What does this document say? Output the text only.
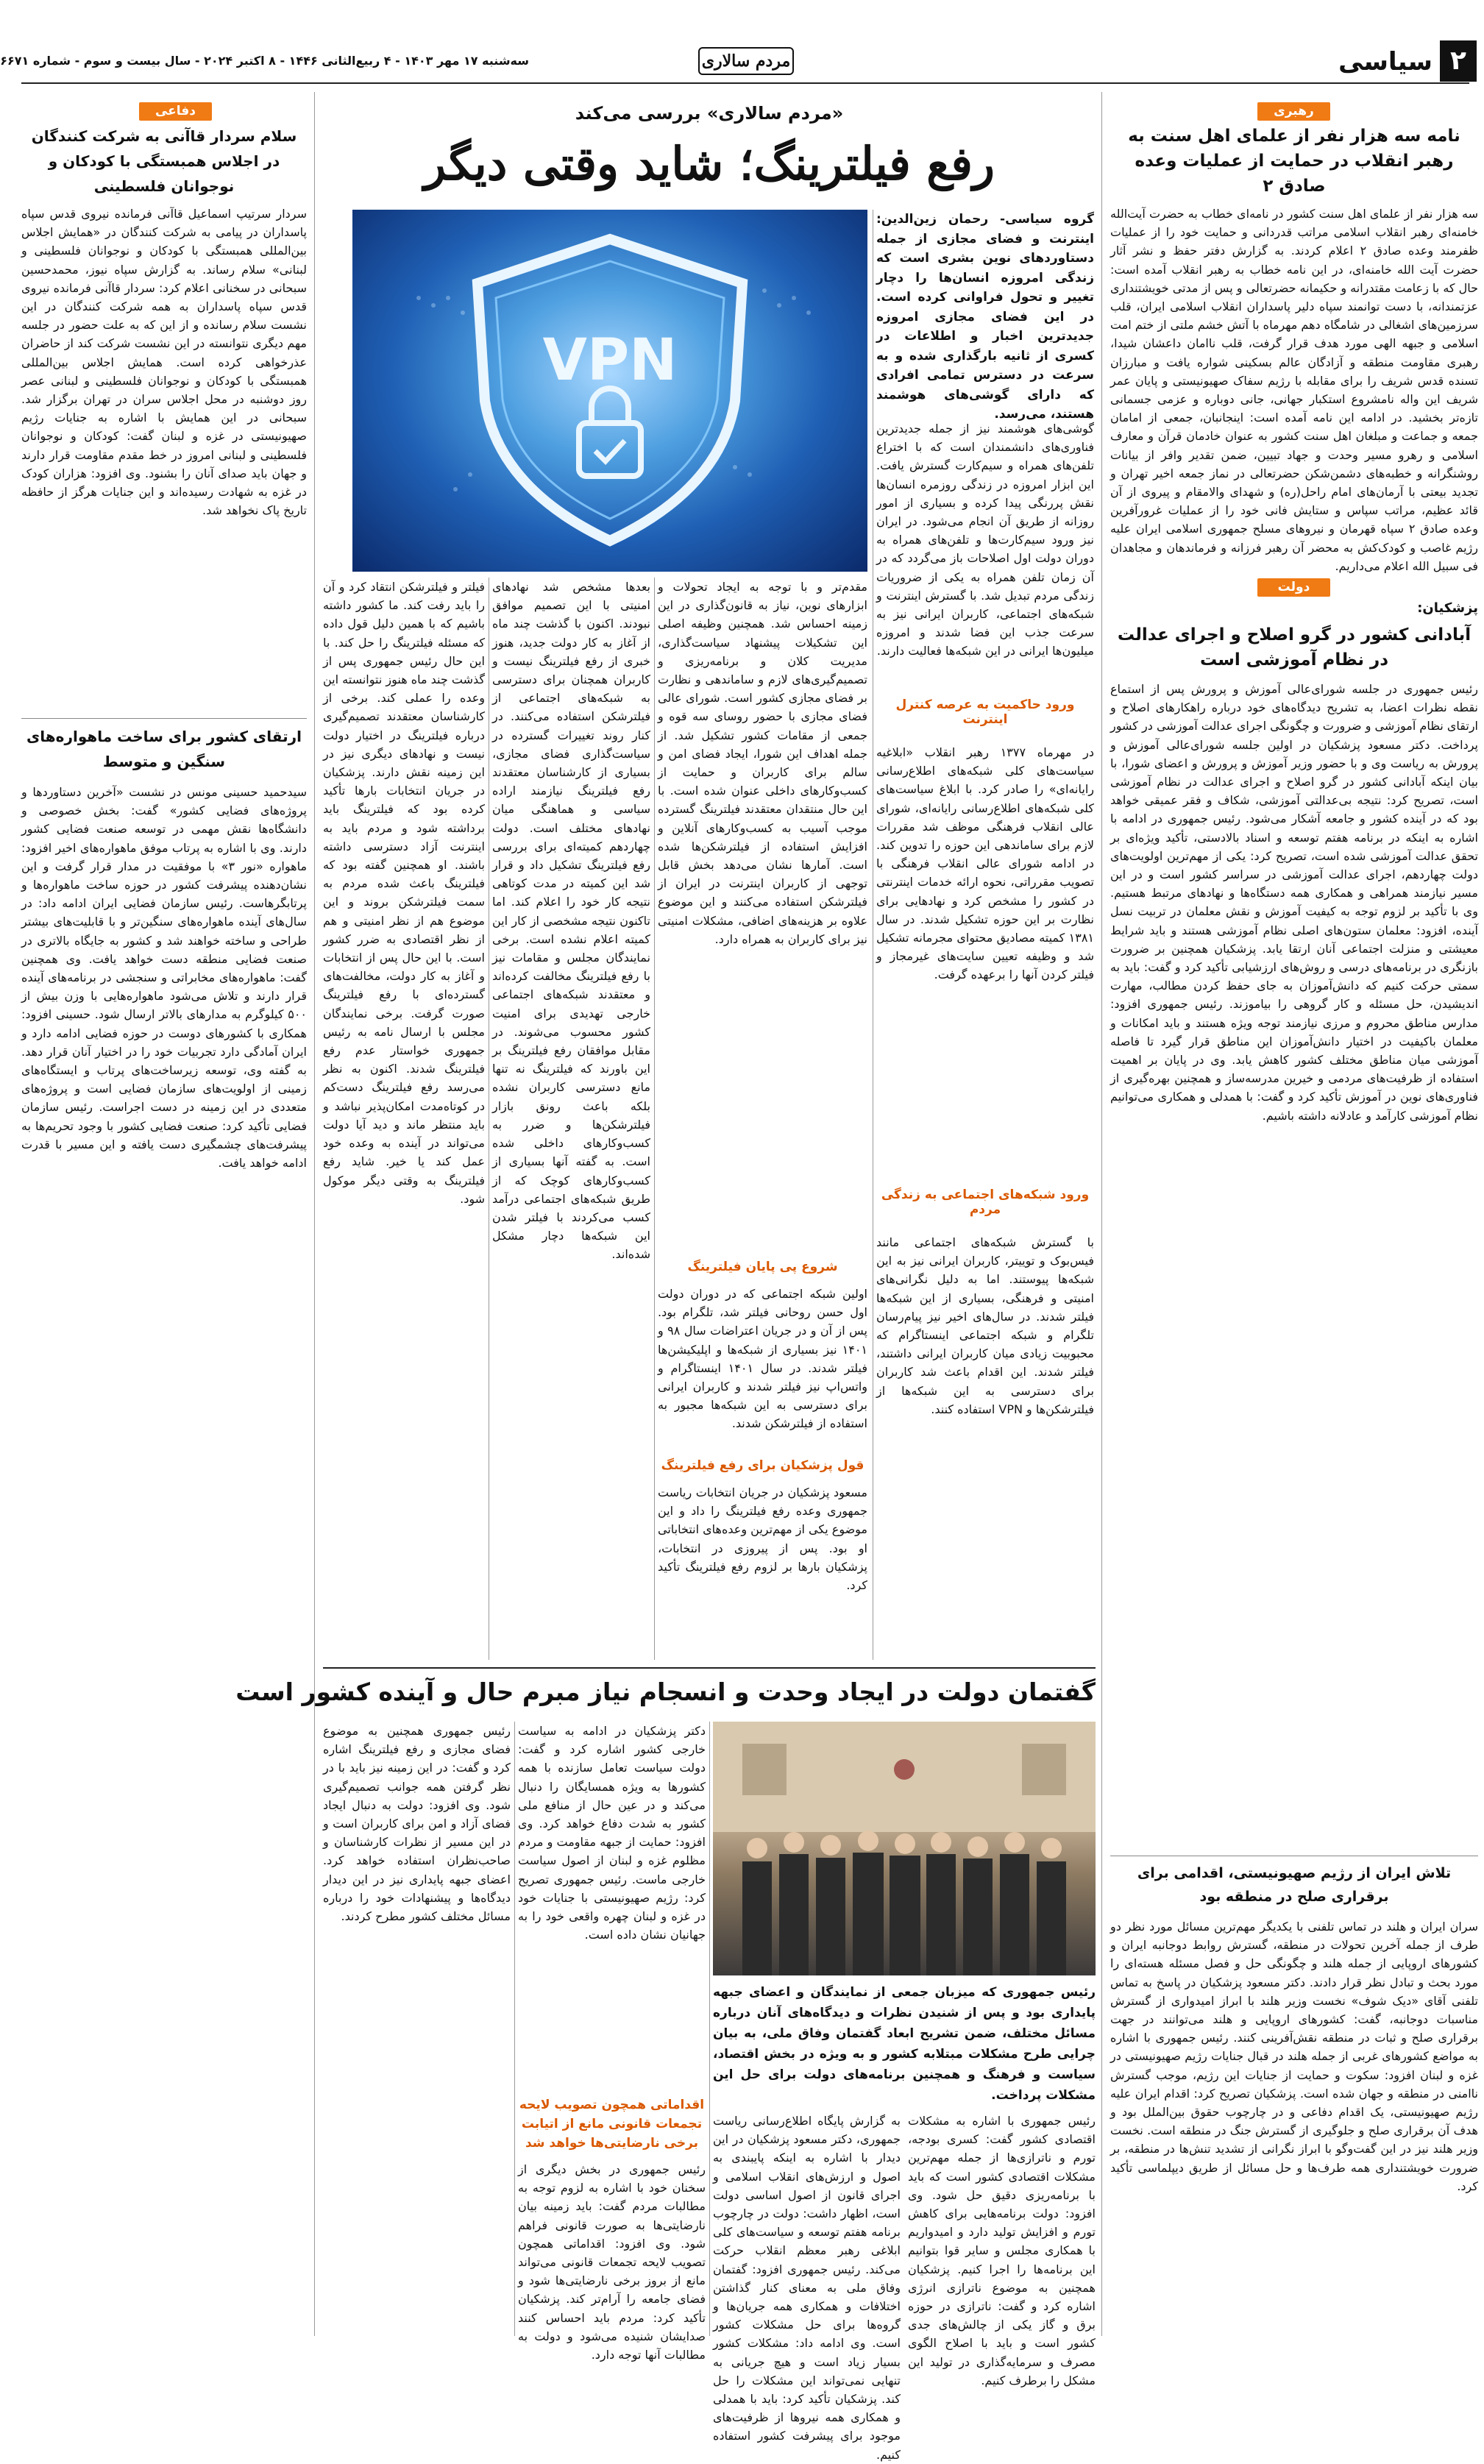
۲
سیاسی
مردم سالاری
سه‌شنبه ۱۷ مهر ۱۴۰۳ - ۴ ربیع‌الثانی ۱۴۴۶ - ۸ اکتبر ۲۰۲۴ - سال بیست و سوم - شماره ۶۶۷۱
رهبری
نامه سه هزار نفر از علمای اهل سنت به رهبر انقلاب در حمایت از عملیات وعده صادق ۲
سه هزار نفر از علمای اهل سنت کشور در نامه‌ای خطاب به حضرت آیت‌الله خامنه‌ای رهبر انقلاب اسلامی مراتب قدردانی و حمایت خود را از عملیات ظفرمند وعده صادق ۲ اعلام کردند. به گزارش دفتر حفظ و نشر آثار حضرت آیت الله خامنه‌ای، در این نامه خطاب به رهبر انقلاب آمده است: حال که با زعامت مقتدرانه و حکیمانه حضرتعالی و پس از مدتی خویشتنداری عزتمندانه، با دست توانمند سپاه دلیر پاسداران انقلاب اسلامی ایران، قلب سرزمین‌های اشغالی در شامگاه دهم مهرماه با آتش خشم ملتی از ختم امت اسلامی و جبهه الهی مورد هدف قرار گرفت، قلب ناامان داعشان شیدا، رهبری مقاومت منطقه و آزادگان عالم بسکینی شواره یافت و مبارزان تسنده قدس شریف را برای مقابله با رژیم سفاک صهیونیستی و پایان عمر شریف این واله نامشروع استکبار جهانی، جانی دوباره و عزمی جسمانی تازه‌تر بخشید. در ادامه این نامه آمده است: اینجانبان، جمعی از امامان جمعه و جماعت و مبلغان اهل سنت کشور به عنوان خادمان قرآن و معارف اسلامی و رهرو مسیر وحدت و جهاد تبیین، ضمن تقدیر وافر از بیانات روشنگرانه و خطبه‌های دشمن‌شکن حضرتعالی در نماز جمعه اخیر تهران و تجدید بیعتی با آرمان‌های امام راحل(ره) و شهدای والامقام و پیروی از آن قائد عظیم، مراتب سپاس و ستایش فانی خود را از عملیات غرورآفرین وعده صادق ۲ سپاه قهرمان و نیروهای مسلح جمهوری اسلامی ایران علیه رژیم غاصب و کودک‌کش به محضر آن رهبر فرزانه و فرماندهان و مجاهدان فی سبیل الله اعلام می‌داریم.
دولت
پزشکیان:
آبادانی کشور در گرو اصلاح و اجرای عدالت در نظام آموزشی است
رئیس جمهوری در جلسه شورای‌عالی آموزش و پرورش پس از استماع نقطه نظرات اعضا، به تشریح دیدگاه‌های خود درباره راهکارهای اصلاح و ارتقای نظام آموزشی و ضرورت و چگونگی اجرای عدالت آموزشی در کشور پرداخت. دکتر مسعود پزشکیان در اولین جلسه شورای‌عالی آموزش و پرورش به ریاست وی و با حضور وزیر آموزش و پرورش و اعضای شورا، با بیان اینکه آبادانی کشور در گرو اصلاح و اجرای عدالت در نظام آموزشی است، تصریح کرد: نتیجه بی‌عدالتی آموزشی، شکاف و فقر عمیقی خواهد بود که در آینده کشور و جامعه آشکار می‌شود. رئیس جمهوری در ادامه با اشاره به اینکه در برنامه هفتم توسعه و اسناد بالادستی، تأکید ویژه‌ای بر تحقق عدالت آموزشی شده است، تصریح کرد: یکی از مهم‌ترین اولویت‌های دولت چهاردهم، اجرای عدالت آموزشی در سراسر کشور است و در این مسیر نیازمند همراهی و همکاری همه دستگاه‌ها و نهادهای مرتبط هستیم. وی با تأکید بر لزوم توجه به کیفیت آموزش و نقش معلمان در تربیت نسل آینده، افزود: معلمان ستون‌های اصلی نظام آموزشی هستند و باید شرایط معیشتی و منزلت اجتماعی آنان ارتقا یابد. پزشکیان همچنین بر ضرورت بازنگری در برنامه‌های درسی و روش‌های ارزشیابی تأکید کرد و گفت: باید به سمتی حرکت کنیم که دانش‌آموزان به جای حفظ کردن مطالب، مهارت اندیشیدن، حل مسئله و کار گروهی را بیاموزند. رئیس جمهوری افزود: مدارس مناطق محروم و مرزی نیازمند توجه ویژه هستند و باید امکانات و معلمان باکیفیت در اختیار دانش‌آموزان این مناطق قرار گیرد تا فاصله آموزشی میان مناطق مختلف کشور کاهش یابد. وی در پایان بر اهمیت استفاده از ظرفیت‌های مردمی و خیرین مدرسه‌ساز و همچنین بهره‌گیری از فناوری‌های نوین در آموزش تأکید کرد و گفت: با همدلی و همکاری می‌توانیم نظام آموزشی کارآمد و عادلانه داشته باشیم.
تلاش ایران از رژیم صهیونیستی، اقدامی برای برقراری صلح در منطقه بود
سران ایران و هلند در تماس تلفنی با یکدیگر مهم‌ترین مسائل مورد نظر دو طرف از جمله آخرین تحولات در منطقه، گسترش روابط دوجانبه ایران و کشورهای اروپایی از جمله هلند و چگونگی حل و فصل مسئله هسته‌ای را مورد بحث و تبادل نظر قرار دادند. دکتر مسعود پزشکیان در پاسخ به تماس تلفنی آقای «دیک شوف» نخست وزیر هلند با ابراز امیدواری از گسترش مناسبات دوجانبه، گفت: کشورهای اروپایی و هلند می‌توانند در جهت برقراری صلح و ثبات در منطقه نقش‌آفرینی کنند. رئیس جمهوری با اشاره به مواضع کشورهای غربی از جمله هلند در قبال جنایات رژیم صهیونیستی در غزه و لبنان افزود: سکوت و حمایت از جنایات این رژیم، موجب گسترش ناامنی در منطقه و جهان شده است. پزشکیان تصریح کرد: اقدام ایران علیه رژیم صهیونیستی، یک اقدام دفاعی و در چارچوب حقوق بین‌الملل بود و هدف آن برقراری صلح و جلوگیری از گسترش جنگ در منطقه است. نخست وزیر هلند نیز در این گفت‌وگو با ابراز نگرانی از تشدید تنش‌ها در منطقه، بر ضرورت خویشتنداری همه طرف‌ها و حل مسائل از طریق دیپلماسی تأکید کرد.
دفاعی
سلام سردار قاآنی به شرکت کنندگان در اجلاس همبستگی با کودکان و نوجوانان فلسطینی
سردار سرتیپ اسماعیل قاآنی فرمانده نیروی قدس سپاه پاسداران در پیامی به شرکت کنندگان در «همایش اجلاس بین‌المللی همبستگی با کودکان و نوجوانان فلسطینی و لبنانی» سلام رساند. به گزارش سپاه نیوز، محمدحسین سبحانی در سخنانی اعلام کرد: سردار قاآنی فرمانده نیروی قدس سپاه پاسداران به همه شرکت کنندگان در این نشست سلام رسانده و از این که به علت حضور در جلسه مهم دیگری نتوانسته در این نشست شرکت کند از حاضران عذرخواهی کرده است. همایش اجلاس بین‌المللی همبستگی با کودکان و نوجوانان فلسطینی و لبنانی عصر روز دوشنبه در محل اجلاس سران در تهران برگزار شد. سبحانی در این همایش با اشاره به جنایات رژیم صهیونیستی در غزه و لبنان گفت: کودکان و نوجوانان فلسطینی و لبنانی امروز در خط مقدم مقاومت قرار دارند و جهان باید صدای آنان را بشنود. وی افزود: هزاران کودک در غزه به شهادت رسیده‌اند و این جنایات هرگز از حافظه تاریخ پاک نخواهد شد.
ارتقای کشور برای ساخت ماهواره‌های سنگین و متوسط
سیدحمید حسینی مونس در نشست «آخرین دستاوردها و پروژه‌های فضایی کشور» گفت: بخش خصوصی و دانشگاه‌ها نقش مهمی در توسعه صنعت فضایی کشور دارند. وی با اشاره به پرتاب موفق ماهواره‌های اخیر افزود: ماهواره «نور ۳» با موفقیت در مدار قرار گرفت و این نشان‌دهنده پیشرفت کشور در حوزه ساخت ماهواره‌ها و پرتابگرهاست. رئیس سازمان فضایی ایران ادامه داد: در سال‌های آینده ماهواره‌های سنگین‌تر و با قابلیت‌های بیشتر طراحی و ساخته خواهند شد و کشور به جایگاه بالاتری در صنعت فضایی منطقه دست خواهد یافت. وی همچنین گفت: ماهواره‌های مخابراتی و سنجشی در برنامه‌های آینده قرار دارند و تلاش می‌شود ماهواره‌هایی با وزن بیش از ۵۰۰ کیلوگرم به مدارهای بالاتر ارسال شود. حسینی افزود: همکاری با کشورهای دوست در حوزه فضایی ادامه دارد و ایران آمادگی دارد تجربیات خود را در اختیار آنان قرار دهد. به گفته وی، توسعه زیرساخت‌های پرتاب و ایستگاه‌های زمینی از اولویت‌های سازمان فضایی است و پروژه‌های متعددی در این زمینه در دست اجراست. رئیس سازمان فضایی تأکید کرد: صنعت فضایی کشور با وجود تحریم‌ها به پیشرفت‌های چشمگیری دست یافته و این مسیر با قدرت ادامه خواهد یافت.
«مردم سالاری» بررسی می‌کند
رفع فیلترینگ؛ شاید وقتی دیگر
VPN
گروه سیاسی- رحمان زین‌الدین: اینترنت و فضای مجازی از جمله دستاوردهای نوین بشری است که زندگی امروزه انسان‌ها را دچار تغییر و تحول فراوانی کرده است. در این فضای مجازی امروزه جدیدترین اخبار و اطلاعات در کسری از ثانیه بارگذاری شده و به سرعت در دسترس تمامی افرادی که دارای گوشی‌های هوشمند هستند، می‌رسد.
گوشی‌های هوشمند نیز از جمله جدیدترین فناوری‌های دانشمندان است که با اختراع تلفن‌های همراه و سیم‌کارت گسترش یافت. این ابزار امروزه در زندگی روزمره انسان‌ها نقش پررنگی پیدا کرده و بسیاری از امور روزانه از طریق آن انجام می‌شود. در ایران نیز ورود سیم‌کارت‌ها و تلفن‌های همراه به دوران دولت اول اصلاحات باز می‌گردد که در آن زمان تلفن همراه به یکی از ضروریات زندگی مردم تبدیل شد. با گسترش اینترنت و شبکه‌های اجتماعی، کاربران ایرانی نیز به سرعت جذب این فضا شدند و امروزه میلیون‌ها ایرانی در این شبکه‌ها فعالیت دارند.
ورود حاکمیت به عرصه کنترل اینترنت
در مهرماه ۱۳۷۷ رهبر انقلاب «ابلاغیه سیاست‌های کلی شبکه‌های اطلاع‌رسانی رایانه‌ای» را صادر کرد. با ابلاغ سیاست‌های کلی شبکه‌های اطلاع‌رسانی رایانه‌ای، شورای عالی انقلاب فرهنگی موظف شد مقررات لازم برای ساماندهی این حوزه را تدوین کند. در ادامه شورای عالی انقلاب فرهنگی با تصویب مقرراتی، نحوه ارائه خدمات اینترنتی در کشور را مشخص کرد و نهادهایی برای نظارت بر این حوزه تشکیل شدند. در سال ۱۳۸۱ کمیته مصادیق محتوای مجرمانه تشکیل شد و وظیفه تعیین سایت‌های غیرمجاز و فیلتر کردن آنها را برعهده گرفت.
ورود شبکه‌های اجتماعی به زندگی مردم
با گسترش شبکه‌های اجتماعی مانند فیس‌بوک و توییتر، کاربران ایرانی نیز به این شبکه‌ها پیوستند. اما به دلیل نگرانی‌های امنیتی و فرهنگی، بسیاری از این شبکه‌ها فیلتر شدند. در سال‌های اخیر نیز پیام‌رسان تلگرام و شبکه اجتماعی اینستاگرام که محبوبیت زیادی میان کاربران ایرانی داشتند، فیلتر شدند. این اقدام باعث شد کاربران برای دسترسی به این شبکه‌ها از فیلترشکن‌ها و VPN استفاده کنند.
مقدم‌تر و با توجه به ایجاد تحولات و ابزارهای نوین، نیاز به قانون‌گذاری در این زمینه احساس شد. همچنین وظیفه اصلی این تشکیلات پیشنهاد سیاست‌گذاری، مدیریت کلان و برنامه‌ریزی و تصمیم‌گیری‌های لازم و ساماندهی و نظارت بر فضای مجازی کشور است. شورای عالی فضای مجازی با حضور روسای سه قوه و جمعی از مقامات کشور تشکیل شد. از جمله اهداف این شورا، ایجاد فضای امن و سالم برای کاربران و حمایت از کسب‌وکارهای داخلی عنوان شده است. با این حال منتقدان معتقدند فیلترینگ گسترده موجب آسیب به کسب‌وکارهای آنلاین و افزایش استفاده از فیلترشکن‌ها شده است. آمارها نشان می‌دهد بخش قابل توجهی از کاربران اینترنت در ایران از فیلترشکن استفاده می‌کنند و این موضوع علاوه بر هزینه‌های اضافی، مشکلات امنیتی نیز برای کاربران به همراه دارد.
شروع پی پایان فیلترینگ
اولین شبکه اجتماعی که در دوران دولت اول حسن روحانی فیلتر شد، تلگرام بود. پس از آن و در جریان اعتراضات سال ۹۸ و ۱۴۰۱ نیز بسیاری از شبکه‌ها و اپلیکیشن‌ها فیلتر شدند. در سال ۱۴۰۱ اینستاگرام و واتس‌اپ نیز فیلتر شدند و کاربران ایرانی برای دسترسی به این شبکه‌ها مجبور به استفاده از فیلترشکن شدند.
قول پزشکیان برای رفع فیلترینگ
مسعود پزشکیان در جریان انتخابات ریاست جمهوری وعده رفع فیلترینگ را داد و این موضوع یکی از مهم‌ترین وعده‌های انتخاباتی او بود. پس از پیروزی در انتخابات، پزشکیان بارها بر لزوم رفع فیلترینگ تأکید کرد.
بعدها مشخص شد نهادهای امنیتی با این تصمیم موافق نبودند. اکنون با گذشت چند ماه از آغاز به کار دولت جدید، هنوز خبری از رفع فیلترینگ نیست و کاربران همچنان برای دسترسی به شبکه‌های اجتماعی از فیلترشکن استفاده می‌کنند. در کنار روند تغییرات گسترده در سیاست‌گذاری فضای مجازی، بسیاری از کارشناسان معتقدند رفع فیلترینگ نیازمند اراده سیاسی و هماهنگی میان نهادهای مختلف است. دولت چهاردهم کمیته‌ای برای بررسی رفع فیلترینگ تشکیل داد و قرار شد این کمیته در مدت کوتاهی نتیجه کار خود را اعلام کند. اما تاکنون نتیجه مشخصی از کار این کمیته اعلام نشده است. برخی نمایندگان مجلس و مقامات نیز با رفع فیلترینگ مخالفت کرده‌اند و معتقدند شبکه‌های اجتماعی خارجی تهدیدی برای امنیت کشور محسوب می‌شوند. در مقابل موافقان رفع فیلترینگ بر این باورند که فیلترینگ نه تنها مانع دسترسی کاربران نشده بلکه باعث رونق بازار فیلترشکن‌ها و ضرر به کسب‌وکارهای داخلی شده است. به گفته آنها بسیاری از کسب‌وکارهای کوچک که از طریق شبکه‌های اجتماعی درآمد کسب می‌کردند با فیلتر شدن این شبکه‌ها دچار مشکل شده‌اند.
فیلتر و فیلترشکن انتقاد کرد و آن را باید رفت کند. ما کشور داشته باشیم که با همین دلیل قول داده که مسئله فیلترینگ را حل کند. با این حال رئیس جمهوری پس از گذشت چند ماه هنوز نتوانسته این وعده را عملی کند. برخی از کارشناسان معتقدند تصمیم‌گیری درباره فیلترینگ در اختیار دولت نیست و نهادهای دیگری نیز در این زمینه نقش دارند. پزشکیان در جریان انتخابات بارها تأکید کرده بود که فیلترینگ باید برداشته شود و مردم باید به اینترنت آزاد دسترسی داشته باشند. او همچنین گفته بود که فیلترینگ باعث شده مردم به سمت فیلترشکن بروند و این موضوع هم از نظر امنیتی و هم از نظر اقتصادی به ضرر کشور است. با این حال پس از انتخابات و آغاز به کار دولت، مخالفت‌های گسترده‌ای با رفع فیلترینگ صورت گرفت. برخی نمایندگان مجلس با ارسال نامه به رئیس جمهوری خواستار عدم رفع فیلترینگ شدند. اکنون به نظر می‌رسد رفع فیلترینگ دست‌کم در کوتاه‌مدت امکان‌پذیر نباشد و باید منتظر ماند و دید آیا دولت می‌تواند در آینده به وعده خود عمل کند یا خیر. شاید رفع فیلترینگ به وقتی دیگر موکول شود.
گفتمان دولت در ایجاد وحدت و انسجام نیاز مبرم حال و آینده کشور است
رئیس جمهوری که میزبان جمعی از نمایندگان و اعضای جبهه پایداری بود و پس از شنیدن نظرات و دیدگاه‌های آنان درباره مسائل مختلف، ضمن تشریح ابعاد گفتمان وفاق ملی، به بیان چرایی طرح مشکلات مبتلابه کشور و به ویژه در بخش اقتصاد، سیاست و فرهنگ و همچنین برنامه‌های دولت برای حل این مشکلات پرداخت.
به گزارش پایگاه اطلاع‌رسانی ریاست جمهوری، دکتر مسعود پزشکیان در این دیدار با اشاره به اینکه پایبندی به اصول و ارزش‌های انقلاب اسلامی و اجرای قانون از اصول اساسی دولت است، اظهار داشت: دولت در چارچوب برنامه هفتم توسعه و سیاست‌های کلی ابلاغی رهبر معظم انقلاب حرکت می‌کند. رئیس جمهوری افزود: گفتمان وفاق ملی به معنای کنار گذاشتن اختلافات و همکاری همه جریان‌ها و گروه‌ها برای حل مشکلات کشور است. وی ادامه داد: مشکلات کشور بسیار زیاد است و هیچ جریانی به تنهایی نمی‌تواند این مشکلات را حل کند. پزشکیان تأکید کرد: باید با همدلی و همکاری همه نیروها از ظرفیت‌های موجود برای پیشرفت کشور استفاده کنیم.
رئیس جمهوری با اشاره به مشکلات اقتصادی کشور گفت: کسری بودجه، تورم و ناترازی‌ها از جمله مهم‌ترین مشکلات اقتصادی کشور است که باید با برنامه‌ریزی دقیق حل شود. وی افزود: دولت برنامه‌هایی برای کاهش تورم و افزایش تولید دارد و امیدواریم با همکاری مجلس و سایر قوا بتوانیم این برنامه‌ها را اجرا کنیم. پزشکیان همچنین به موضوع ناترازی انرژی اشاره کرد و گفت: ناترازی در حوزه برق و گاز یکی از چالش‌های جدی کشور است و باید با اصلاح الگوی مصرف و سرمایه‌گذاری در تولید این مشکل را برطرف کنیم.
دکتر پزشکیان در ادامه به سیاست خارجی کشور اشاره کرد و گفت: دولت سیاست تعامل سازنده با همه کشورها به ویژه همسایگان را دنبال می‌کند و در عین حال از منافع ملی کشور به شدت دفاع خواهد کرد. وی افزود: حمایت از جبهه مقاومت و مردم مظلوم غزه و لبنان از اصول سیاست خارجی ماست. رئیس جمهوری تصریح کرد: رژیم صهیونیستی با جنایات خود در غزه و لبنان چهره واقعی خود را به جهانیان نشان داده است.
اقداماتی همچون تصویب لایحه تجمعات قانونی مانع از اتیابت برخی نارضایتی‌ها خواهد شد
رئیس جمهوری در بخش دیگری از سخنان خود با اشاره به لزوم توجه به مطالبات مردم گفت: باید زمینه بیان نارضایتی‌ها به صورت قانونی فراهم شود. وی افزود: اقداماتی همچون تصویب لایحه تجمعات قانونی می‌تواند مانع از بروز برخی نارضایتی‌ها شود و فضای جامعه را آرام‌تر کند. پزشکیان تأکید کرد: مردم باید احساس کنند صدایشان شنیده می‌شود و دولت به مطالبات آنها توجه دارد.
رئیس جمهوری همچنین به موضوع فضای مجازی و رفع فیلترینگ اشاره کرد و گفت: در این زمینه نیز باید با در نظر گرفتن همه جوانب تصمیم‌گیری شود. وی افزود: دولت به دنبال ایجاد فضای آزاد و امن برای کاربران است و در این مسیر از نظرات کارشناسان و صاحب‌نظران استفاده خواهد کرد. اعضای جبهه پایداری نیز در این دیدار دیدگاه‌ها و پیشنهادات خود را درباره مسائل مختلف کشور مطرح کردند.
